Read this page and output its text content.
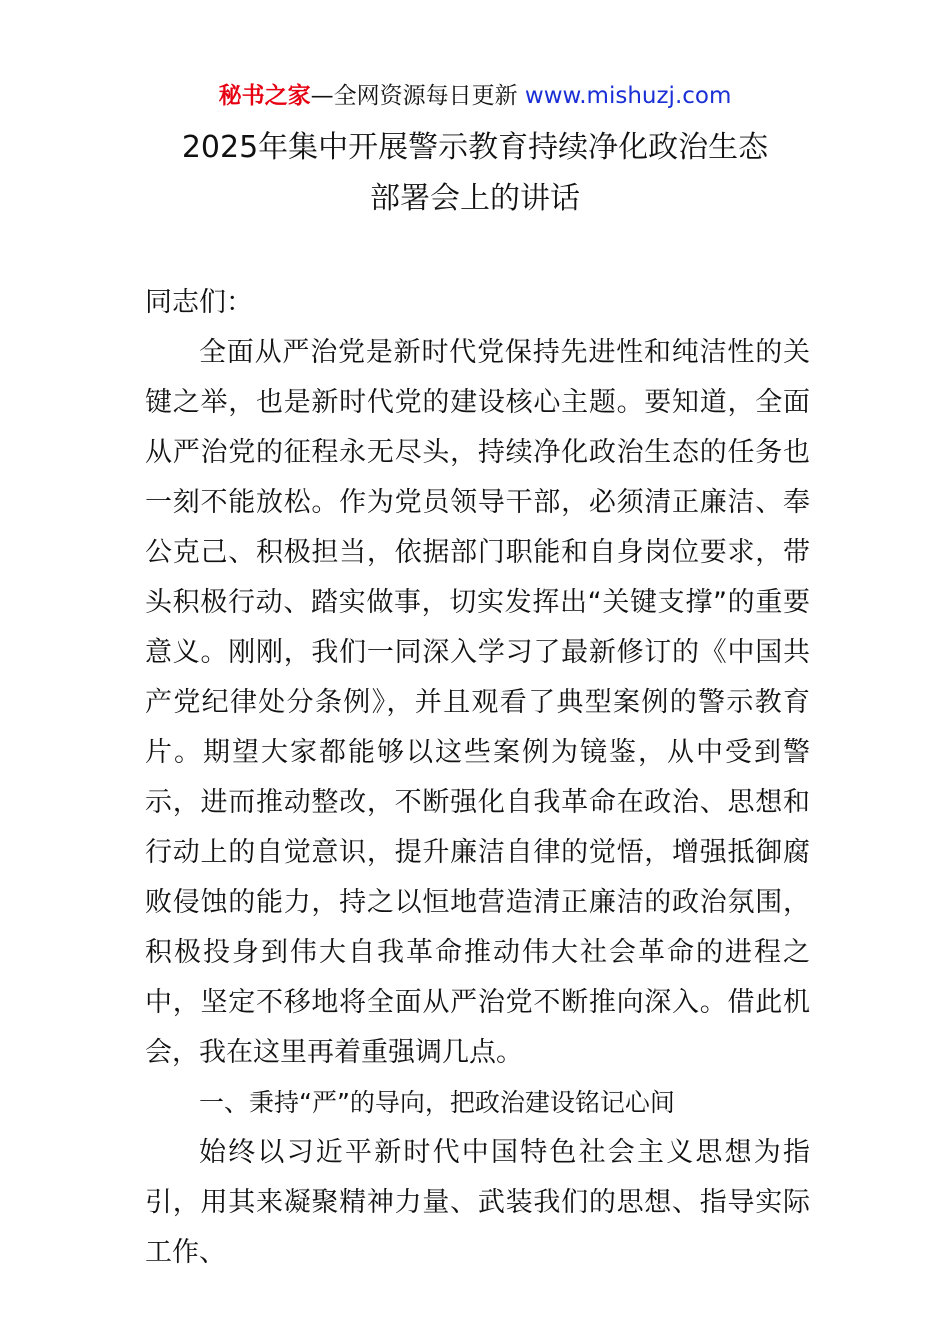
秘书之家—全网资源每日更新 www.mishuzj.com
2025年集中开展警示教育持续净化政治生态
部署会上的讲话

同志们：

全面从严治党是新时代党保持先进性和纯洁性的关键之举，也是新时代党的建设核心主题。要知道，全面从严治党的征程永无尽头，持续净化政治生态的任务也一刻不能放松。作为党员领导干部，必须清正廉洁、奉公克己、积极担当，依据部门职能和自身岗位要求，带头积极行动、踏实做事，切实发挥出“关键支撑”的重要意义。刚刚，我们一同深入学习了最新修订的《中国共产党纪律处分条例》，并且观看了典型案例的警示教育片。期望大家都能够以这些案例为镜鉴，从中受到警示，进而推动整改，不断强化自我革命在政治、思想和行动上的自觉意识，提升廉洁自律的觉悟，增强抵御腐败侵蚀的能力，持之以恒地营造清正廉洁的政治氛围，积极投身到伟大自我革命推动伟大社会革命的进程之中，坚定不移地将全面从严治党不断推向深入。借此机会，我在这里再着重强调几点。

一、秉持“严”的导向，把政治建设铭记心间

始终以习近平新时代中国特色社会主义思想为指引，用其来凝聚精神力量、武装我们的思想、指导实际工作、
